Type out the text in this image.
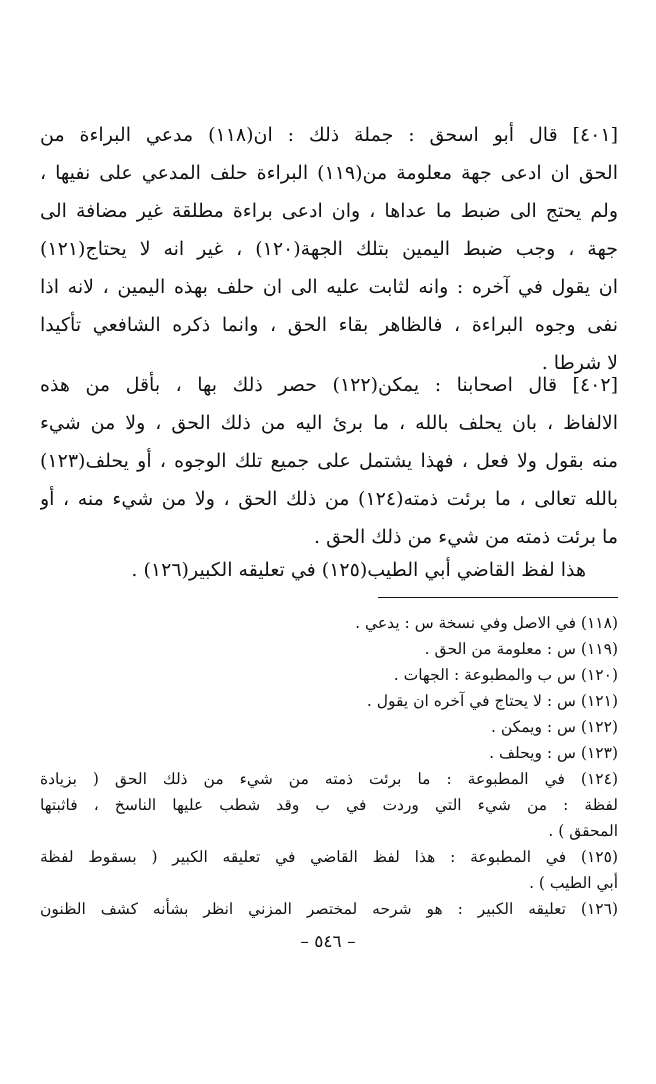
[٤٠١] قال أبو اسحق : جملة ذلك : ان(١١٨) مدعي البراءة من
الحق ان ادعى جهة معلومة من(١١٩) البراءة حلف المدعي على نفيها ،
ولم يحتج الى ضبط ما عداها ، وان ادعى براءة مطلقة غير مضافة الى
جهة ، وجب ضبط اليمين بتلك الجهة(١٢٠) ، غير انه لا يحتاج(١٢١)
ان يقول في آخره : وانه لثابت عليه الى ان حلف بهذه اليمين ، لانه اذا
نفى وجوه البراءة ، فالظاهر بقاء الحق ، وانما ذكره الشافعي تأكيدا
لا شرطا .
[٤٠٢] قال اصحابنا : يمكن(١٢٢) حصر ذلك بها ، بأقل من هذه
الالفاظ ، بان يحلف بالله ، ما برئ اليه من ذلك الحق ، ولا من شيء
منه بقول ولا فعل ، فهذا يشتمل على جميع تلك الوجوه ، أو يحلف(١٢٣)
بالله تعالى ، ما برئت ذمته(١٢٤) من ذلك الحق ، ولا من شيء منه ، أو
ما برئت ذمته من شيء من ذلك الحق .
هذا لفظ القاضي أبي الطيب(١٢٥) في تعليقه الكبير(١٢٦) .
(١١٨) في الاصل وفي نسخة س : يدعي .
(١١٩) س : معلومة من الحق .
(١٢٠) س ب والمطبوعة : الجهات .
(١٢١) س : لا يحتاج في آخره ان يقول .
(١٢٢) س : ويمكن .
(١٢٣) س : ويحلف .
(١٢٤) في المطبوعة : ما برئت ذمته من شيء من ذلك الحق ( بزيادة
لفظة : من شيء التي وردت في ب وقد شطب عليها الناسخ ، فاثبتها
المحقق ) .
(١٢٥) في المطبوعة : هذا لفظ القاضي في تعليقه الكبير ( بسقوط لفظة
أبي الطيب ) .
(١٢٦) تعليقه الكبير : هو شرحه لمختصر المزني انظر بشأنه كشف الظنون
– ٥٤٦ –
